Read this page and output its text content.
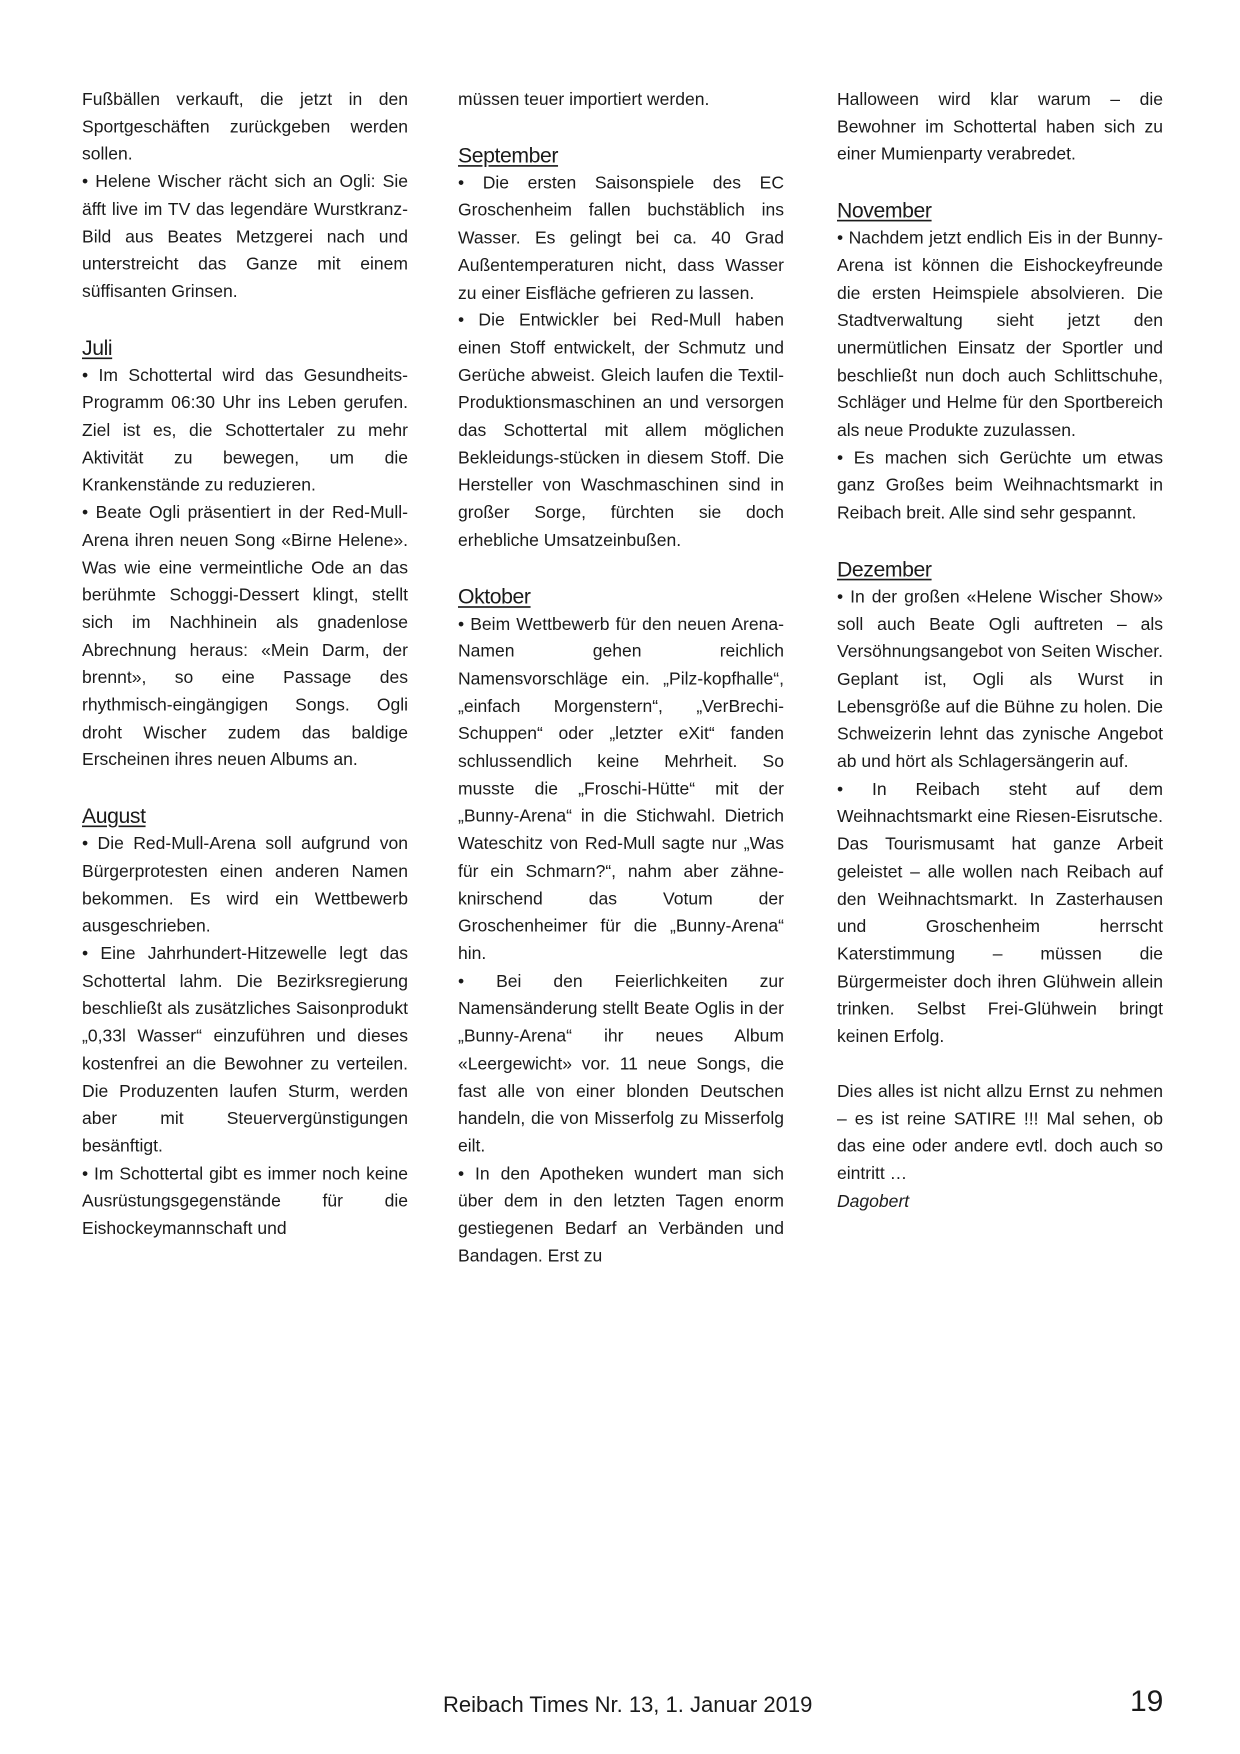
Fußbällen verkauft, die jetzt in den Sportgeschäften zurückgeben werden sollen.

• Helene Wischer rächt sich an Ogli: Sie äfft live im TV das legendäre Wurstkranz-Bild aus Beates Metzgerei nach und unterstreicht das Ganze mit einem süffisanten Grinsen.

Juli

• Im Schottertal wird das Gesundheits-Programm 06:30 Uhr ins Leben gerufen. Ziel ist es, die Schottertaler zu mehr Aktivität zu bewegen, um die Krankenstände zu reduzieren.

• Beate Ogli präsentiert in der Red-Mull-Arena ihren neuen Song «Birne Helene». Was wie eine vermeintliche Ode an das berühmte Schoggi-Dessert klingt, stellt sich im Nachhinein als gnadenlose Abrechnung heraus: «Mein Darm, der brennt», so eine Passage des rhythmisch-eingängigen Songs. Ogli droht Wischer zudem das baldige Erscheinen ihres neuen Albums an.

August

• Die Red-Mull-Arena soll aufgrund von Bürgerprotesten einen anderen Namen bekommen. Es wird ein Wettbewerb ausgeschrieben.

• Eine Jahrhundert-Hitzewelle legt das Schottertal lahm. Die Bezirksregierung beschließt als zusätzliches Saisonprodukt „0,33l Wasser“ einzuführen und dieses kostenfrei an die Bewohner zu verteilen. Die Produzenten laufen Sturm, werden aber mit Steuervergünstigungen besänftigt.

• Im Schottertal gibt es immer noch keine Ausrüstungsgegenstände für die Eishockeymannschaft und

müssen teuer importiert werden.

September

• Die ersten Saisonspiele des EC Groschenheim fallen buchstäblich ins Wasser. Es gelingt bei ca. 40 Grad Außentemperaturen nicht, dass Wasser zu einer Eisfläche gefrieren zu lassen.

• Die Entwickler bei Red-Mull haben einen Stoff entwickelt, der Schmutz und Gerüche abweist. Gleich laufen die Textil-Produktionsmaschinen an und versorgen das Schottertal mit allem möglichen Bekleidungs-stücken in diesem Stoff. Die Hersteller von Waschmaschinen sind in großer Sorge, fürchten sie doch erhebliche Umsatzeinbußen.

Oktober

• Beim Wettbewerb für den neuen Arena-Namen gehen reichlich Namensvorschläge ein. „Pilz-kopfhalle“, „einfach Morgenstern“, „VerBrechi-Schuppen“ oder „letzter eXit“ fanden schlussendlich keine Mehrheit. So musste die „Froschi-Hütte“ mit der „Bunny-Arena“ in die Stichwahl. Dietrich Wateschitz von Red-Mull sagte nur „Was für ein Schmarn?“, nahm aber zähne-knirschend das Votum der Groschenheimer für die „Bunny-Arena“ hin.

• Bei den Feierlichkeiten zur Namensänderung stellt Beate Oglis in der „Bunny-Arena“ ihr neues Album «Leergewicht» vor. 11 neue Songs, die fast alle von einer blonden Deutschen handeln, die von Misserfolg zu Misserfolg eilt.

• In den Apotheken wundert man sich über dem in den letzten Tagen enorm gestiegenen Bedarf an Verbänden und Bandagen. Erst zu

Halloween wird klar warum – die Bewohner im Schottertal haben sich zu einer Mumienparty verabredet.

November

• Nachdem jetzt endlich Eis in der Bunny-Arena ist können die Eishockeyfreunde die ersten Heimspiele absolvieren. Die Stadtverwaltung sieht jetzt den unermütlichen Einsatz der Sportler und beschließt nun doch auch Schlittschuhe, Schläger und Helme für den Sportbereich als neue Produkte zuzulassen.

• Es machen sich Gerüchte um etwas ganz Großes beim Weihnachtsmarkt in Reibach breit. Alle sind sehr gespannt.

Dezember

• In der großen «Helene Wischer Show» soll auch Beate Ogli auftreten – als Versöhnungsangebot von Seiten Wischer. Geplant ist, Ogli als Wurst in Lebensgröße auf die Bühne zu holen. Die Schweizerin lehnt das zynische Angebot ab und hört als Schlagersängerin auf.

• In Reibach steht auf dem Weihnachtsmarkt eine Riesen-Eisrutsche. Das Tourismusamt hat ganze Arbeit geleistet – alle wollen nach Reibach auf den Weihnachtsmarkt. In Zasterhausen und Groschenheim herrscht Katerstimmung – müssen die Bürgermeister doch ihren Glühwein allein trinken. Selbst Frei-Glühwein bringt keinen Erfolg.

Dies alles ist nicht allzu Ernst zu nehmen – es ist reine SATIRE !!! Mal sehen, ob das eine oder andere evtl. doch auch so eintritt …

Dagobert

Reibach Times Nr. 13, 1. Januar 2019	19
